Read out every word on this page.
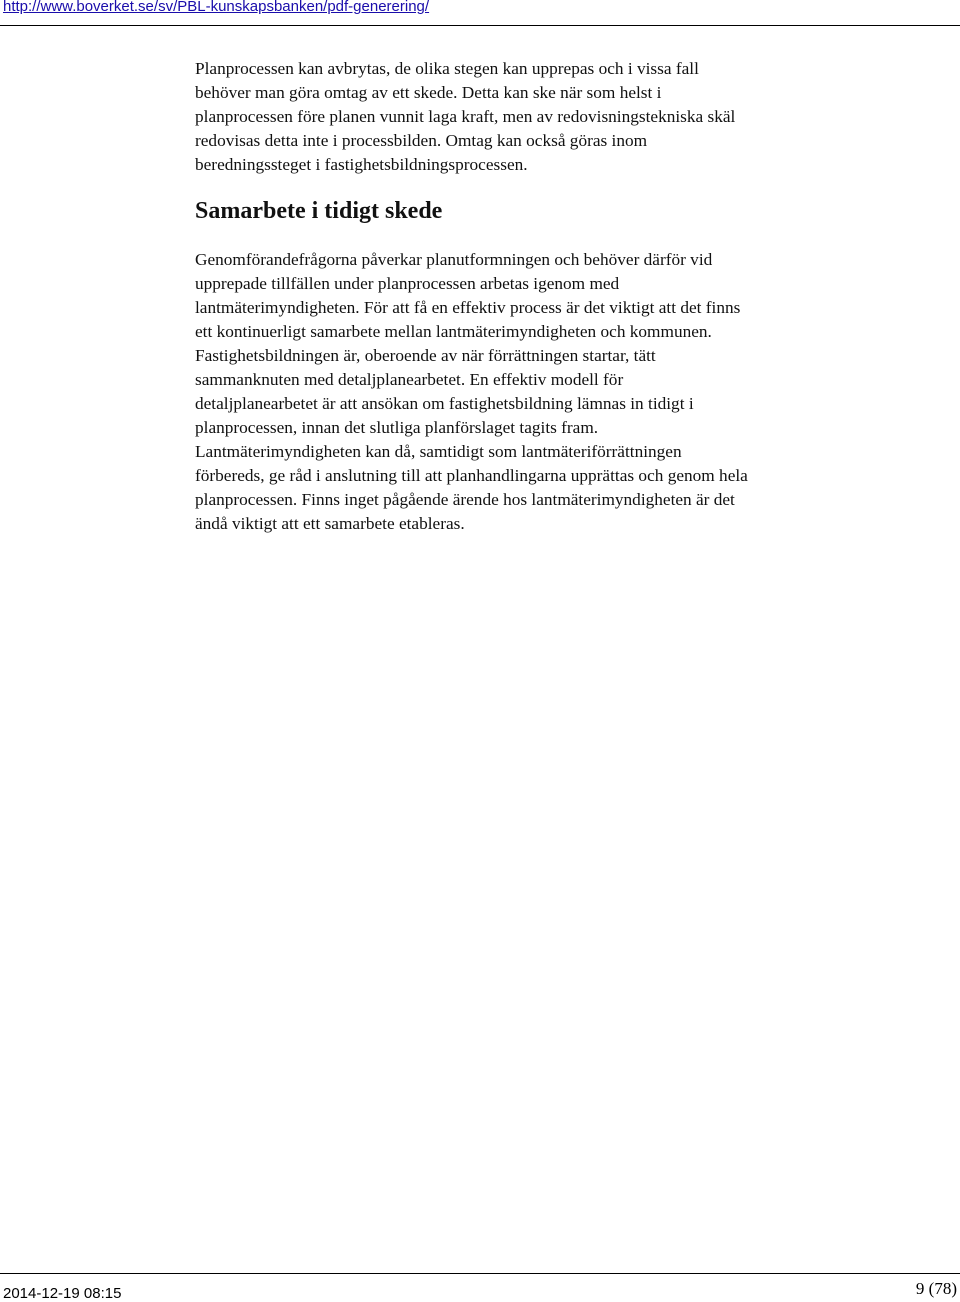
http://www.boverket.se/sv/PBL-kunskapsbanken/pdf-generering/

Planprocessen kan avbrytas, de olika stegen kan upprepas och i vissa fall
behöver man göra omtag av ett skede. Detta kan ske när som helst i
planprocessen före planen vunnit laga kraft, men av redovisningstekniska skäl
redovisas detta inte i processbilden. Omtag kan också göras inom
beredningssteget i fastighetsbildningsprocessen.

Samarbete i tidigt skede

Genomförandefrågorna påverkar planutformningen och behöver därför vid
upprepade tillfällen under planprocessen arbetas igenom med
lantmäterimyndigheten. För att få en effektiv process är det viktigt att det finns
ett kontinuerligt samarbete mellan lantmäterimyndigheten och kommunen.
Fastighetsbildningen är, oberoende av när förrättningen startar, tätt
sammanknuten med detaljplanearbetet. En effektiv modell för
detaljplanearbetet är att ansökan om fastighetsbildning lämnas in tidigt i
planprocessen, innan det slutliga planförslaget tagits fram.
Lantmäterimyndigheten kan då, samtidigt som lantmäteriförrättningen
förbereds, ge råd i anslutning till att planhandlingarna upprättas och genom hela
planprocessen. Finns inget pågående ärende hos lantmäterimyndigheten är det
ändå viktigt att ett samarbete etableras.

2014-12-19 08:15	9 (78)
